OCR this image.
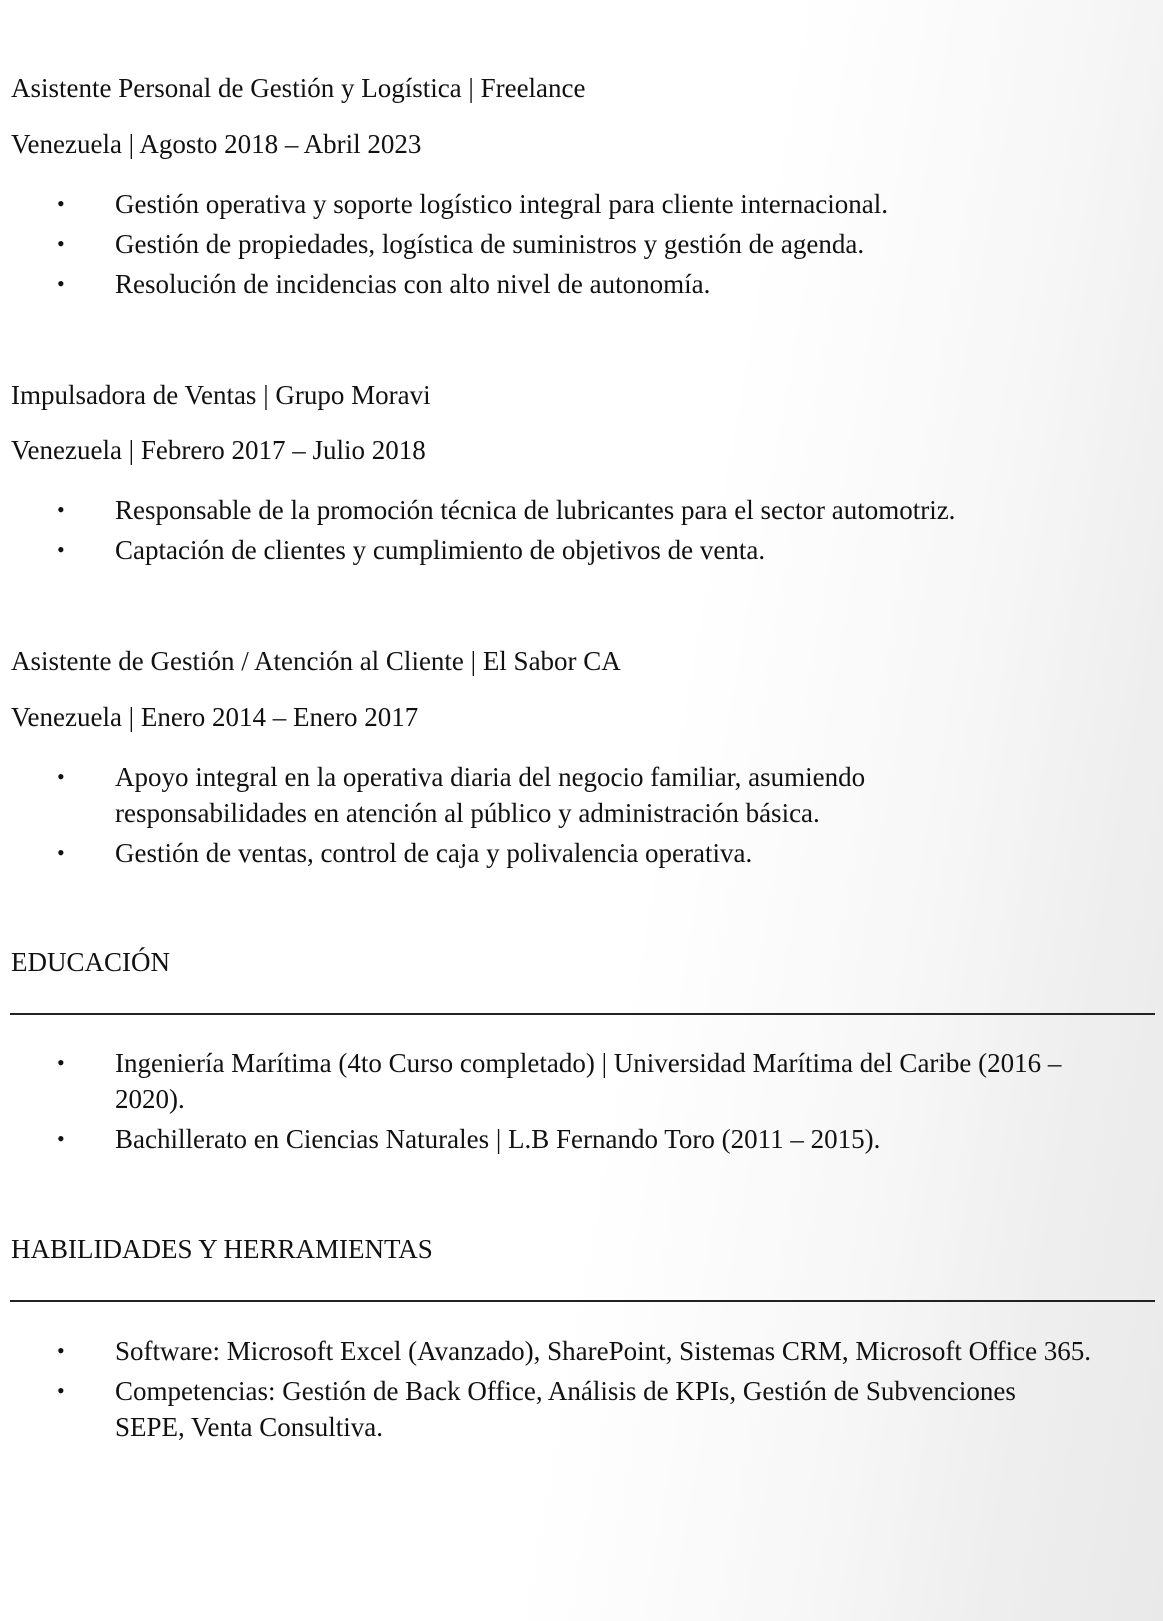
Asistente Personal de Gestión y Logística | Freelance
Venezuela | Agosto 2018 – Abril 2023
• Gestión operativa y soporte logístico integral para cliente internacional.
• Gestión de propiedades, logística de suministros y gestión de agenda.
• Resolución de incidencias con alto nivel de autonomía.
Impulsadora de Ventas | Grupo Moravi
Venezuela | Febrero 2017 – Julio 2018
• Responsable de la promoción técnica de lubricantes para el sector automotriz.
• Captación de clientes y cumplimiento de objetivos de venta.
Asistente de Gestión / Atención al Cliente | El Sabor CA
Venezuela | Enero 2014 – Enero 2017
• Apoyo integral en la operativa diaria del negocio familiar, asumiendo responsabilidades en atención al público y administración básica.
• Gestión de ventas, control de caja y polivalencia operativa.
EDUCACIÓN
• Ingeniería Marítima (4to Curso completado) | Universidad Marítima del Caribe (2016 – 2020).
• Bachillerato en Ciencias Naturales | L.B Fernando Toro (2011 – 2015).
HABILIDADES Y HERRAMIENTAS
• Software: Microsoft Excel (Avanzado), SharePoint, Sistemas CRM, Microsoft Office 365.
• Competencias: Gestión de Back Office, Análisis de KPIs, Gestión de Subvenciones SEPE, Venta Consultiva.
